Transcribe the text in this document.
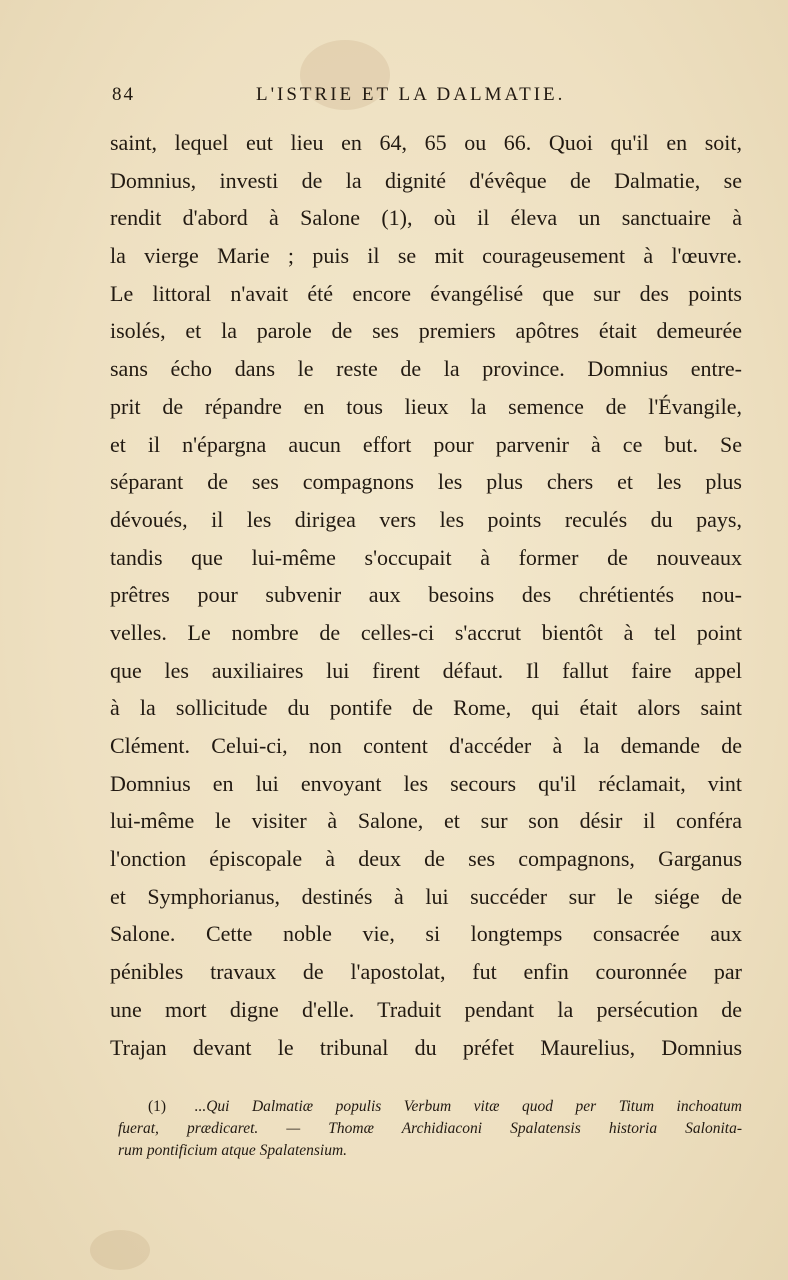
84	L'ISTRIE ET LA DALMATIE.
saint, lequel eut lieu en 64, 65 ou 66. Quoi qu'il en soit,
Domnius, investi de la dignité d'évêque de Dalmatie, se
rendit d'abord à Salone (1), où il éleva un sanctuaire à
la vierge Marie ; puis il se mit courageusement à l'œuvre.
Le littoral n'avait été encore évangélisé que sur des points
isolés, et la parole de ses premiers apôtres était demeurée
sans écho dans le reste de la province. Domnius entre-
prit de répandre en tous lieux la semence de l'Évangile,
et il n'épargna aucun effort pour parvenir à ce but. Se
séparant de ses compagnons les plus chers et les plus
dévoués, il les dirigea vers les points reculés du pays,
tandis que lui-même s'occupait à former de nouveaux
prêtres pour subvenir aux besoins des chrétientés nou-
velles. Le nombre de celles-ci s'accrut bientôt à tel point
que les auxiliaires lui firent défaut. Il fallut faire appel
à la sollicitude du pontife de Rome, qui était alors saint
Clément. Celui-ci, non content d'accéder à la demande de
Domnius en lui envoyant les secours qu'il réclamait, vint
lui-même le visiter à Salone, et sur son désir il conféra
l'onction épiscopale à deux de ses compagnons, Garganus
et Symphorianus, destinés à lui succéder sur le siége de
Salone. Cette noble vie, si longtemps consacrée aux
pénibles travaux de l'apostolat, fut enfin couronnée par
une mort digne d'elle. Traduit pendant la persécution de
Trajan devant le tribunal du préfet Maurelius, Domnius
(1) ...Qui Dalmatiæ populis Verbum vitæ quod per Titum inchoatum
fuerat, prædicaret. — Thomæ Archidiaconi Spalatensis historia Salonita-
rum pontificium atque Spalatensium.
